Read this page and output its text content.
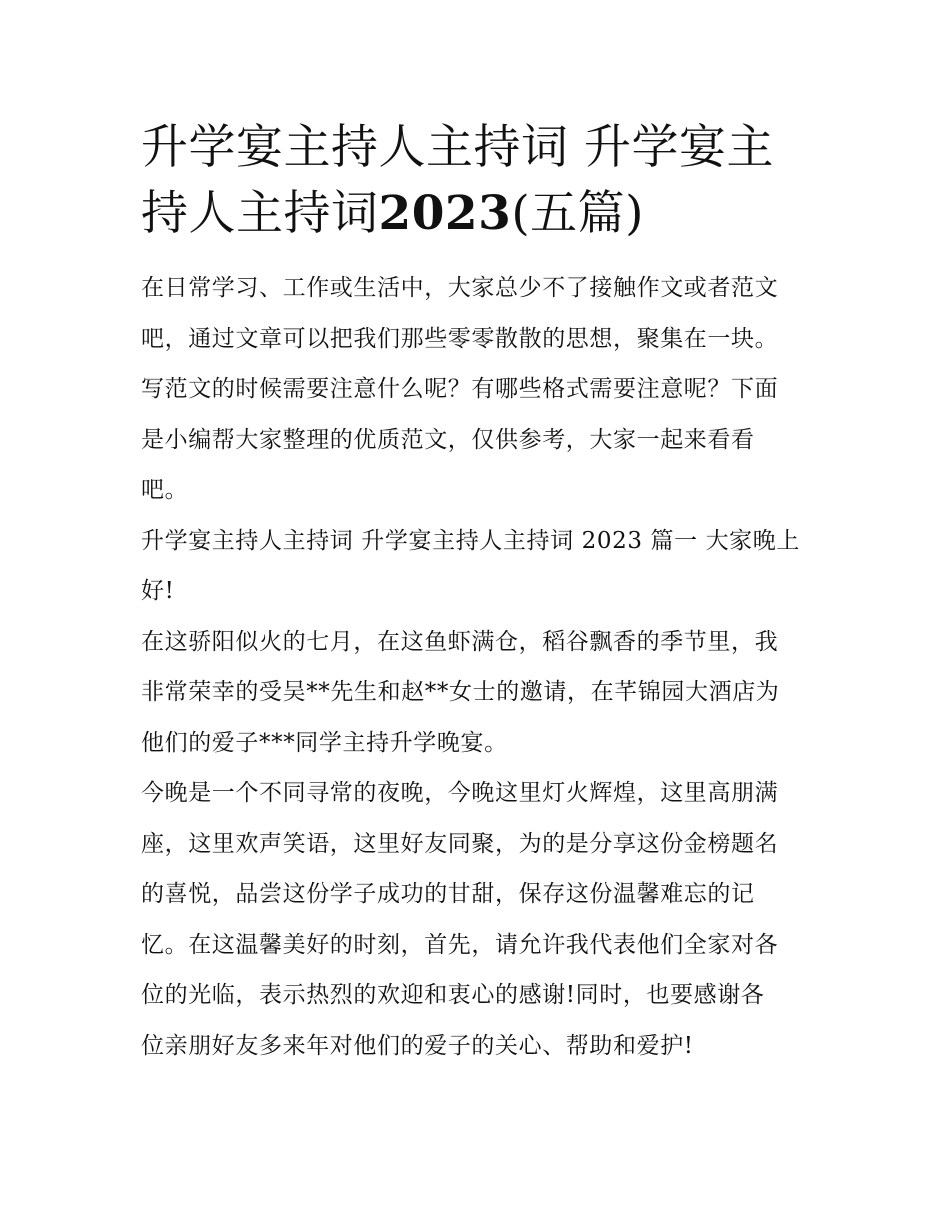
升学宴主持人主持词 升学宴主
持人主持词2023(五篇)

在日常学习、工作或生活中，大家总少不了接触作文或者范文
吧，通过文章可以把我们那些零零散散的思想，聚集在一块。
写范文的时候需要注意什么呢？有哪些格式需要注意呢？下面
是小编帮大家整理的优质范文，仅供参考，大家一起来看看
吧。

升学宴主持人主持词 升学宴主持人主持词 2023 篇一 大家晚上
好!

在这骄阳似火的七月，在这鱼虾满仓，稻谷飘香的季节里，我
非常荣幸的受吴**先生和赵**女士的邀请，在芊锦园大酒店为
他们的爱子***同学主持升学晚宴。

今晚是一个不同寻常的夜晚，今晚这里灯火辉煌，这里高朋满
座，这里欢声笑语，这里好友同聚，为的是分享这份金榜题名
的喜悦，品尝这份学子成功的甘甜，保存这份温馨难忘的记
忆。在这温馨美好的时刻，首先，请允许我代表他们全家对各
位的光临，表示热烈的欢迎和衷心的感谢!同时，也要感谢各
位亲朋好友多来年对他们的爱子的关心、帮助和爱护!
